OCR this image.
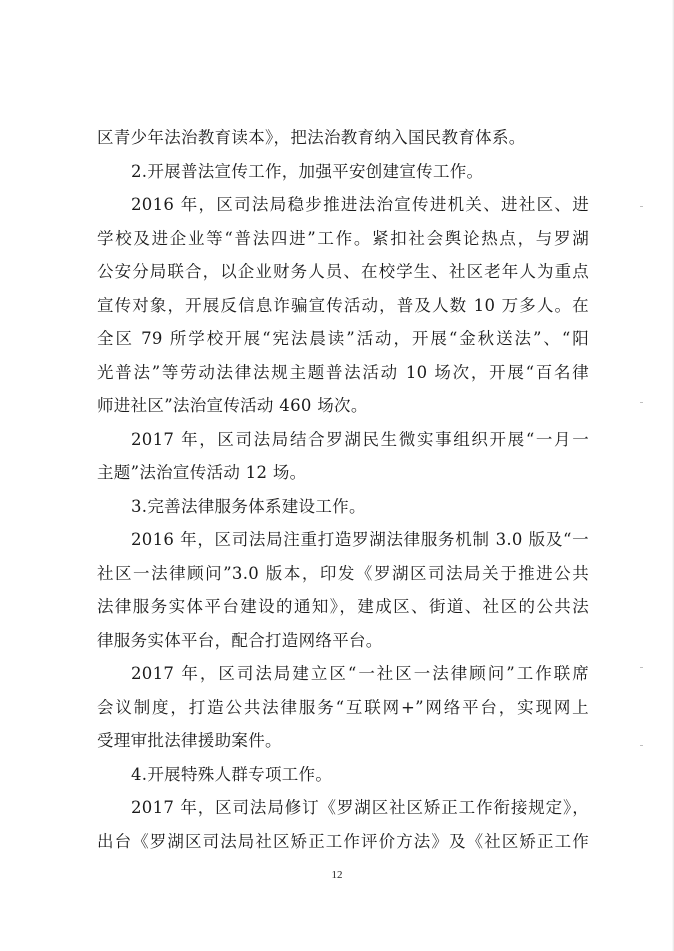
区青少年法治教育读本》，把法治教育纳入国民教育体系。
2.开展普法宣传工作，加强平安创建宣传工作。
2016 年，区司法局稳步推进法治宣传进机关、进社区、进
学校及进企业等“普法四进”工作。紧扣社会舆论热点，与罗湖
公安分局联合，以企业财务人员、在校学生、社区老年人为重点
宣传对象，开展反信息诈骗宣传活动，普及人数 10 万多人。在
全区 79 所学校开展“宪法晨读”活动，开展“金秋送法”、“阳
光普法”等劳动法律法规主题普法活动 10 场次，开展“百名律
师进社区”法治宣传活动 460 场次。
2017 年，区司法局结合罗湖民生微实事组织开展“一月一
主题”法治宣传活动 12 场。
3.完善法律服务体系建设工作。
2016 年，区司法局注重打造罗湖法律服务机制 3.0 版及“一
社区一法律顾问”3.0 版本，印发《罗湖区司法局关于推进公共
法律服务实体平台建设的通知》，建成区、街道、社区的公共法
律服务实体平台，配合打造网络平台。
2017 年，区司法局建立区“一社区一法律顾问”工作联席
会议制度，打造公共法律服务“互联网+”网络平台，实现网上
受理审批法律援助案件。
4.开展特殊人群专项工作。
2017 年，区司法局修订《罗湖区社区矫正工作衔接规定》，
出台《罗湖区司法局社区矫正工作评价方法》及《社区矫正工作
12
